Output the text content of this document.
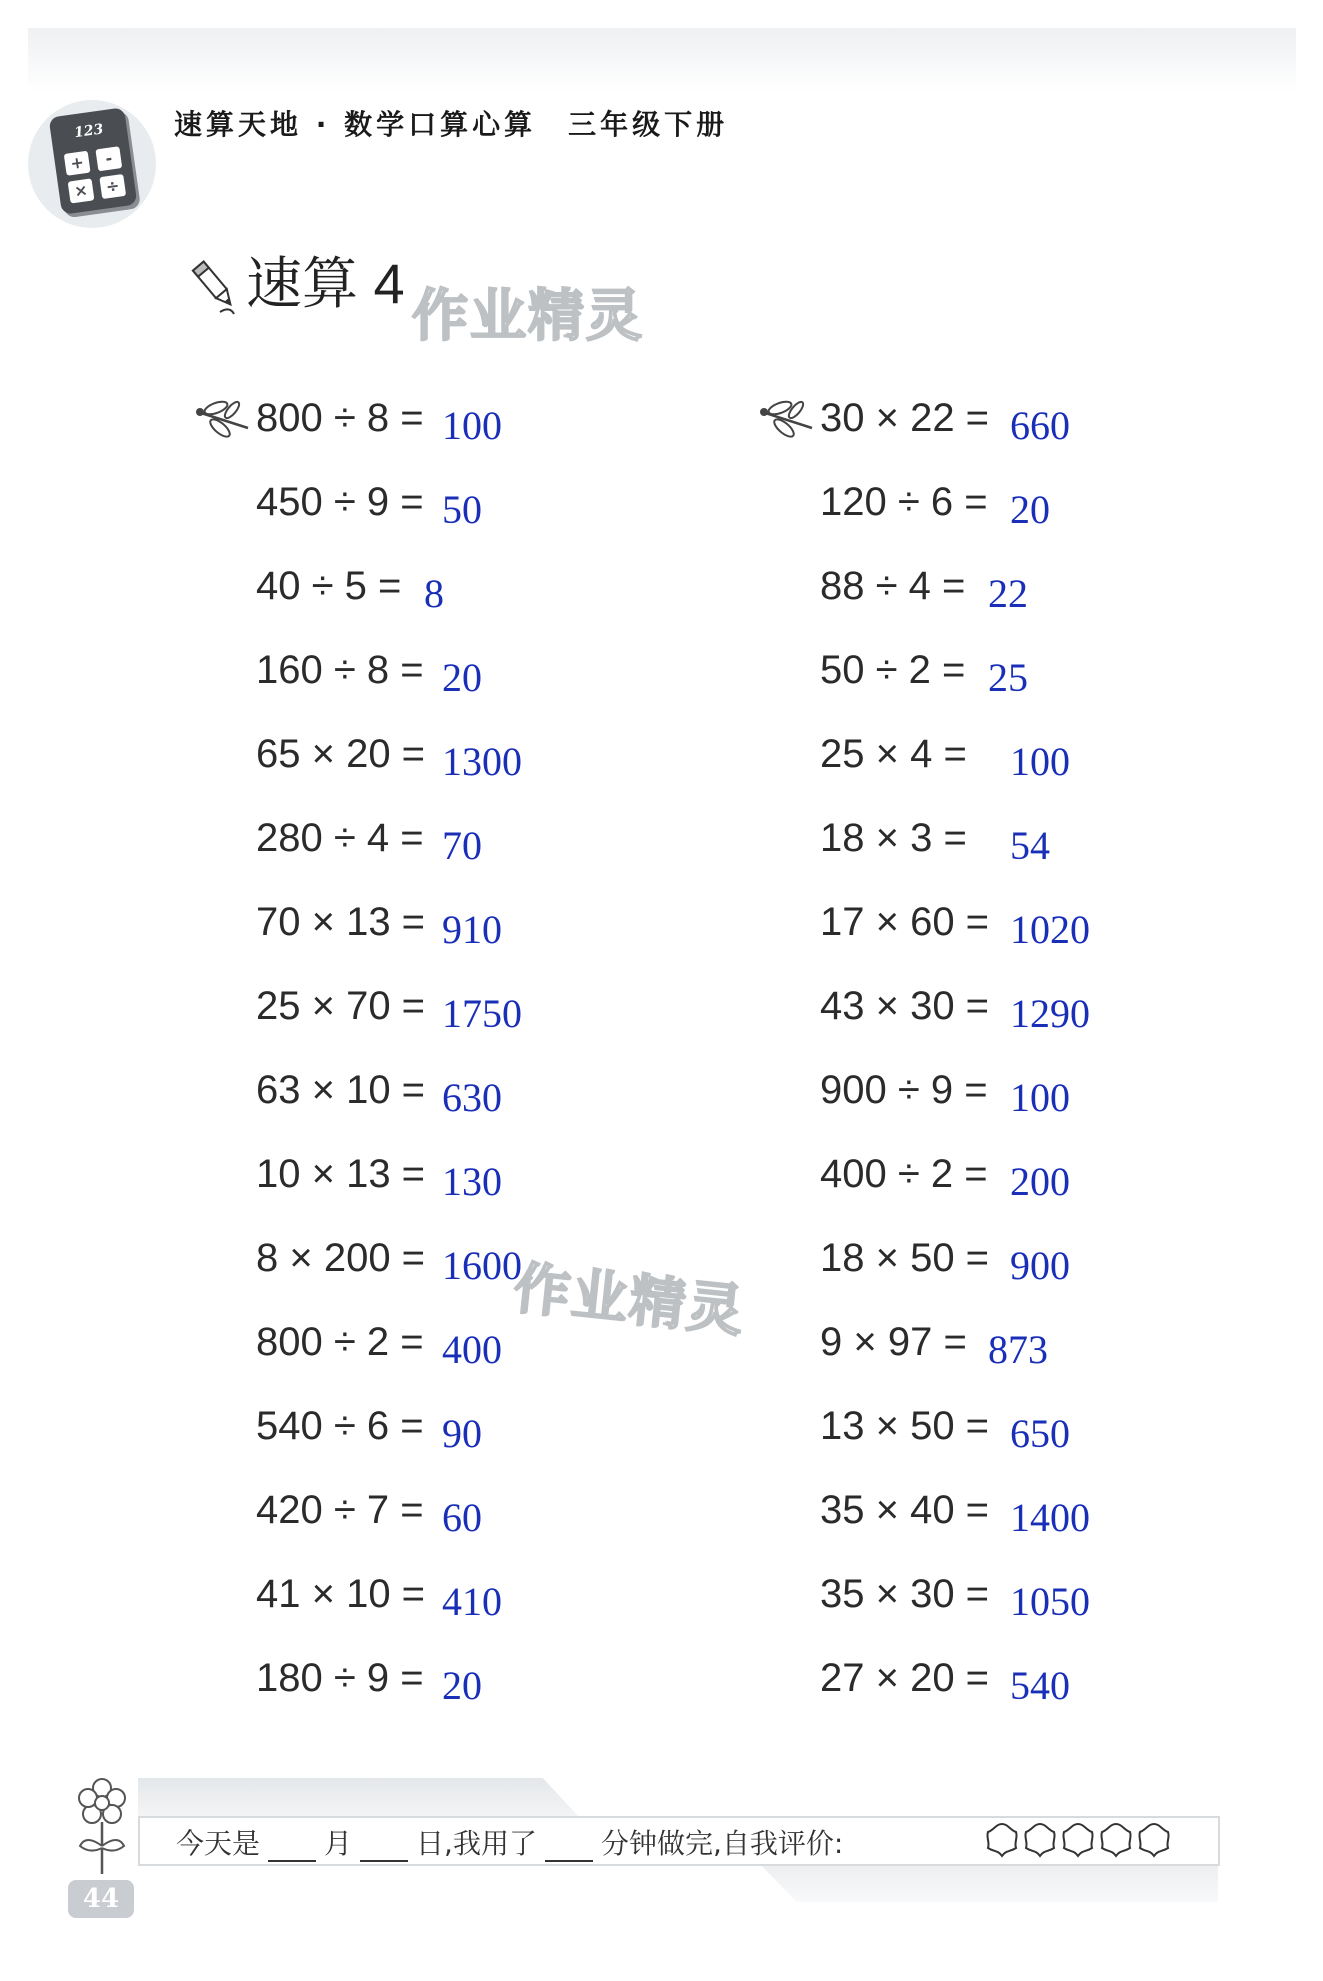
123
+	-
× ÷
速算天地 · 数学口算心算　三年级下册
速算 4
800 ÷ 8 = 100
450 ÷ 9 = 50
40 ÷ 5 = 8
160 ÷ 8 = 20
65 × 20 = 1300
280 ÷ 4 = 70
70 × 13 = 910
25 × 70 = 1750
63 × 10 = 630
10 × 13 = 130
8 × 200 = 1600
800 ÷ 2 = 400
540 ÷ 6 = 90
420 ÷ 7 = 60
41 × 10 = 410
180 ÷ 9 = 20
30 × 22 = 660
120 ÷ 6 = 20
88 ÷ 4 = 22
50 ÷ 2 = 25
25 × 4 = 100
18 × 3 = 54
17 × 60 = 1020
43 × 30 = 1290
900 ÷ 9 = 100
400 ÷ 2 = 200
18 × 50 = 900
9 × 97 = 873
13 × 50 = 650
35 × 40 = 1400
35 × 30 = 1050
27 × 20 = 540
今天是 月 日,我用了 分钟做完,自我评价:
44
